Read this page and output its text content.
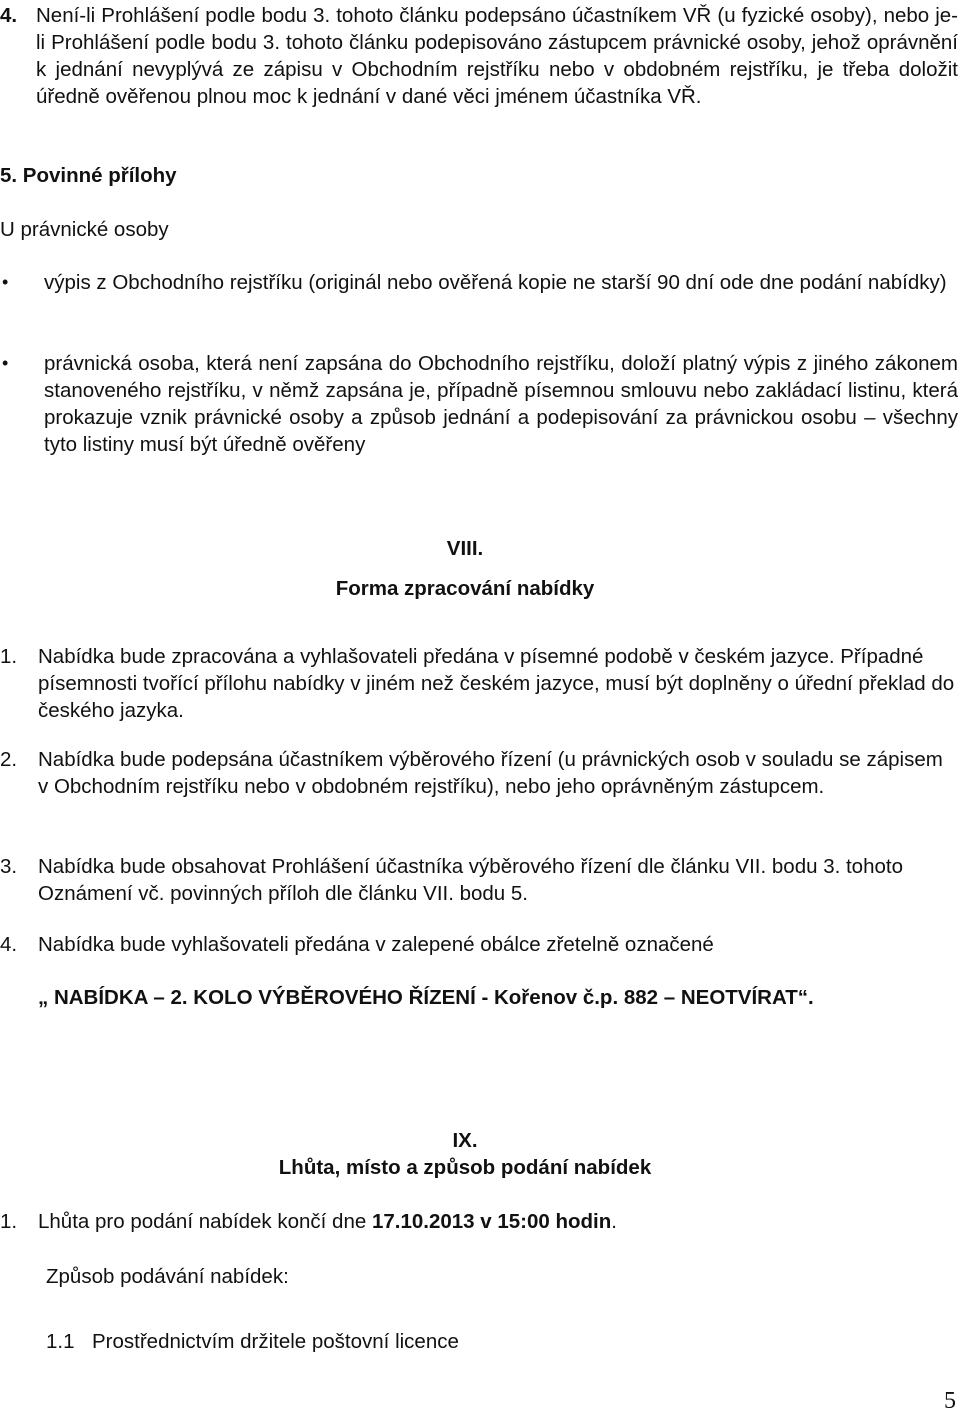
4. Není-li Prohlášení podle bodu 3. tohoto článku podepsáno účastníkem VŘ (u fyzické osoby), nebo je-li Prohlášení podle bodu 3. tohoto článku podepisováno zástupcem právnické osoby, jehož oprávnění k jednání nevyplývá ze zápisu v Obchodním rejstříku nebo v obdobném rejstříku, je třeba doložit úředně ověřenou plnou moc k jednání v dané věci jménem účastníka VŘ.

5. Povinné přílohy
U právnické osoby
• výpis z Obchodního rejstříku (originál nebo ověřená kopie ne starší 90 dní ode dne podání nabídky)

• právnická osoba, která není zapsána do Obchodního rejstříku, doloží platný výpis z jiného zákonem stanoveného rejstříku, v němž zapsána je, případně písemnou smlouvu nebo zakládací listinu, která prokazuje vznik právnické osoby a způsob jednání a podepisování za právnickou osobu – všechny tyto listiny musí být úředně ověřeny

VIII.
Forma zpracování nabídky
1. Nabídka bude zpracována a vyhlašovateli předána v písemné podobě v českém jazyce. Případné písemnosti tvořící přílohu nabídky v jiném než českém jazyce, musí být doplněny o úřední překlad do českého jazyka.

2. Nabídka bude podepsána účastníkem výběrového řízení (u právnických osob v souladu se zápisem v Obchodním rejstříku nebo v obdobném rejstříku), nebo jeho oprávněným zástupcem.

3. Nabídka bude obsahovat Prohlášení účastníka výběrového řízení dle článku VII. bodu 3. tohoto Oznámení vč. povinných příloh dle článku VII. bodu 5.

4. Nabídka bude vyhlašovateli předána v zalepené obálce zřetelně označené

„ NABÍDKA – 2. KOLO VÝBĚROVÉHO ŘÍZENÍ - Kořenov č.p. 882 – NEOTVÍRAT“.
IX.
Lhůta, místo a způsob podání nabídek
1. Lhůta pro podání nabídek končí dne 17.10.2013 v 15:00 hodin.

Způsob podávání nabídek:
1.1 Prostřednictvím držitele poštovní licence
5
